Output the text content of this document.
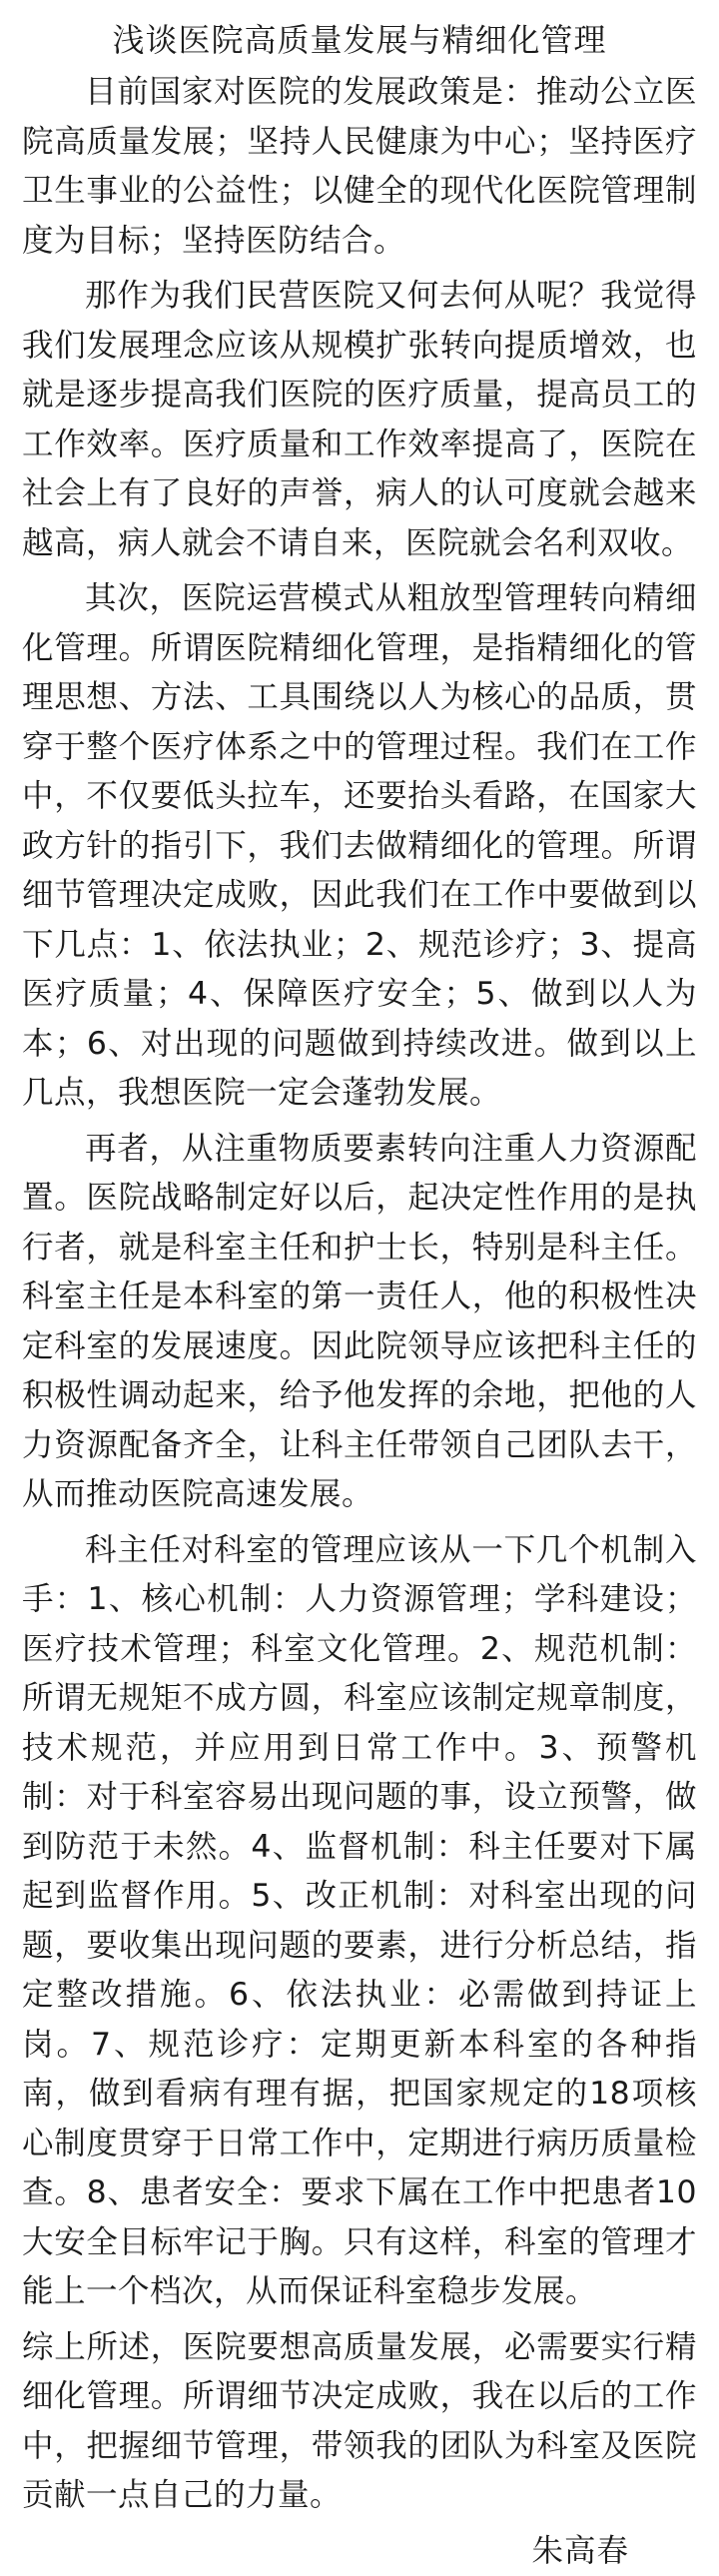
浅谈医院高质量发展与精细化管理

目前国家对医院的发展政策是：推动公立医院高质量发展；坚持人民健康为中心；坚持医疗卫生事业的公益性；以健全的现代化医院管理制度为目标；坚持医防结合。

那作为我们民营医院又何去何从呢？我觉得我们发展理念应该从规模扩张转向提质增效，也就是逐步提高我们医院的医疗质量，提高员工的工作效率。医疗质量和工作效率提高了，医院在社会上有了良好的声誉，病人的认可度就会越来越高，病人就会不请自来，医院就会名利双收。

其次，医院运营模式从粗放型管理转向精细化管理。所谓医院精细化管理，是指精细化的管理思想、方法、工具围绕以人为核心的品质，贯穿于整个医疗体系之中的管理过程。我们在工作中，不仅要低头拉车，还要抬头看路，在国家大政方针的指引下，我们去做精细化的管理。所谓细节管理决定成败，因此我们在工作中要做到以下几点：1、依法执业；2、规范诊疗；3、提高医疗质量；4、保障医疗安全；5、做到以人为本；6、对出现的问题做到持续改进。做到以上几点，我想医院一定会蓬勃发展。

再者，从注重物质要素转向注重人力资源配置。医院战略制定好以后，起决定性作用的是执行者，就是科室主任和护士长，特别是科主任。科室主任是本科室的第一责任人，他的积极性决定科室的发展速度。因此院领导应该把科主任的积极性调动起来，给予他发挥的余地，把他的人力资源配备齐全，让科主任带领自己团队去干，从而推动医院高速发展。

科主任对科室的管理应该从一下几个机制入手：1、核心机制：人力资源管理；学科建设；医疗技术管理；科室文化管理。2、规范机制：所谓无规矩不成方圆，科室应该制定规章制度，技术规范，并应用到日常工作中。3、预警机制：对于科室容易出现问题的事，设立预警，做到防范于未然。4、监督机制：科主任要对下属起到监督作用。5、改正机制：对科室出现的问题，要收集出现问题的要素，进行分析总结，指定整改措施。6、依法执业：必需做到持证上岗。7、规范诊疗：定期更新本科室的各种指南，做到看病有理有据，把国家规定的18项核心制度贯穿于日常工作中，定期进行病历质量检查。8、患者安全：要求下属在工作中把患者10大安全目标牢记于胸。只有这样，科室的管理才能上一个档次，从而保证科室稳步发展。

综上所述，医院要想高质量发展，必需要实行精细化管理。所谓细节决定成败，我在以后的工作中，把握细节管理，带领我的团队为科室及医院贡献一点自己的力量。

朱高春
